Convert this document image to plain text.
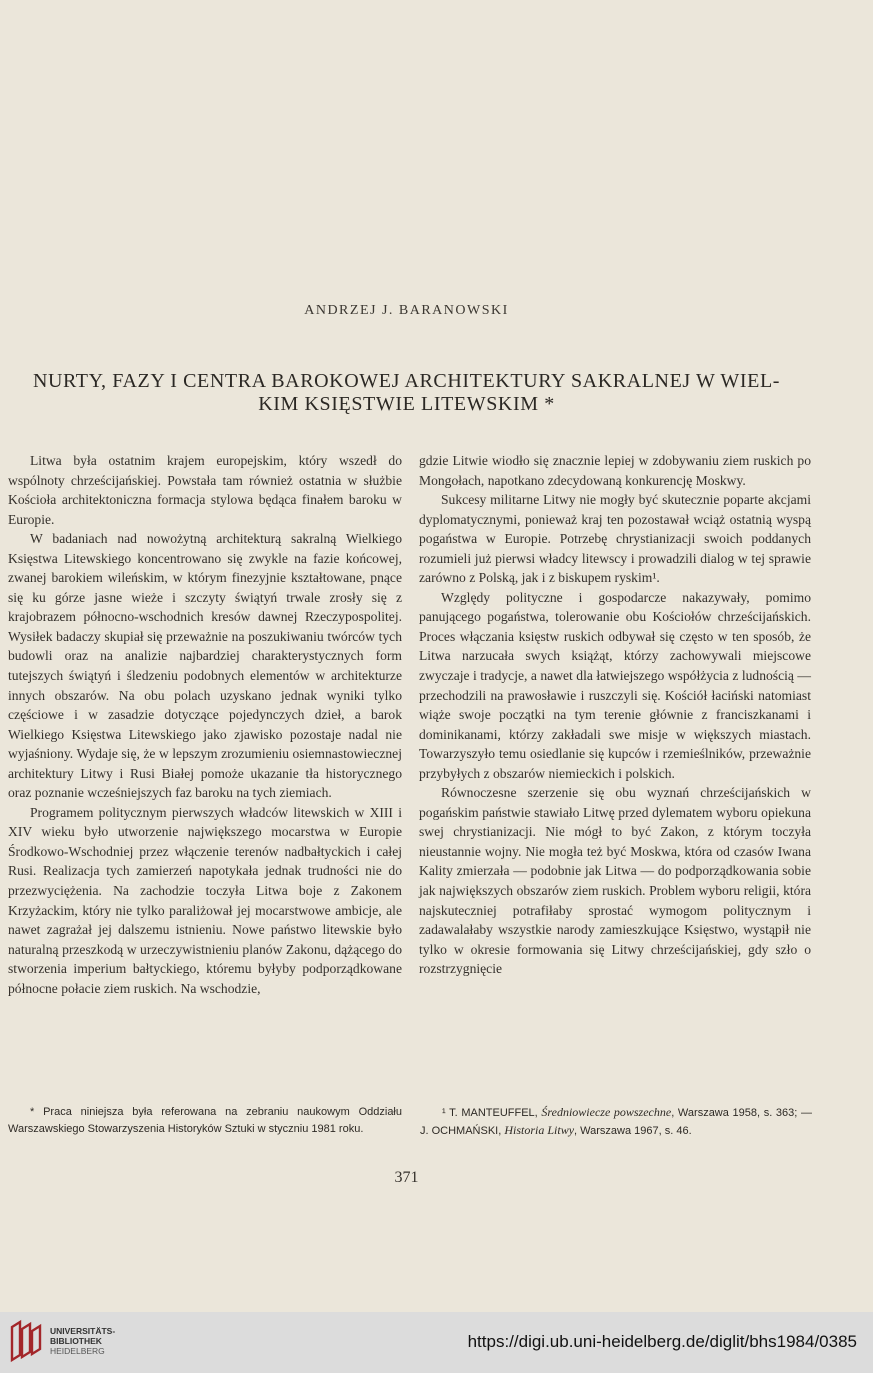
ANDRZEJ J. BARANOWSKI
NURTY, FAZY I CENTRA BAROKOWEJ ARCHITEKTURY SAKRALNEJ W WIEL-
KIM KSIĘSTWIE LITEWSKIM *

Litwa była ostatnim krajem europejskim, który wszedł do wspólnoty chrześcijańskiej. Powstała tam również ostatnia w służbie Kościoła architektoniczna formacja stylowa będąca finałem baroku w Europie.

W badaniach nad nowożytną architekturą sakralną Wielkiego Księstwa Litewskiego koncentrowano się zwykle na fazie końcowej, zwanej barokiem wileńskim, w którym finezyjnie kształtowane, pnące się ku górze jasne wieże i szczyty świątyń trwale zrosły się z krajobrazem północno-wschodnich kresów dawnej Rzeczypospolitej. Wysiłek badaczy skupiał się przeważnie na poszukiwaniu twórców tych budowli oraz na analizie najbardziej charakterystycznych form tutejszych świątyń i śledzeniu podobnych elementów w architekturze innych obszarów. Na obu polach uzyskano jednak wyniki tylko częściowe i w zasadzie dotyczące pojedynczych dzieł, a barok Wielkiego Księstwa Litewskiego jako zjawisko pozostaje nadal nie wyjaśniony. Wydaje się, że w lepszym zrozumieniu osiemnastowiecznej architektury Litwy i Rusi Białej pomoże ukazanie tła historycznego oraz poznanie wcześniejszych faz baroku na tych ziemiach.

Programem politycznym pierwszych władców litewskich w XIII i XIV wieku było utworzenie największego mocarstwa w Europie Środkowo-Wschodniej przez włączenie terenów nadbałtyckich i całej Rusi. Realizacja tych zamierzeń napotykała jednak trudności nie do przezwyciężenia. Na zachodzie toczyła Litwa boje z Zakonem Krzyżackim, który nie tylko paraliżował jej mocarstwowe ambicje, ale nawet zagrażał jej dalszemu istnieniu. Nowe państwo litewskie było naturalną przeszkodą w urzeczywistnieniu planów Zakonu, dążącego do stworzenia imperium bałtyckiego, któremu byłyby podporządkowane północne połacie ziem ruskich. Na wschodzie,

gdzie Litwie wiodło się znacznie lepiej w zdobywaniu ziem ruskich po Mongołach, napotkano zdecydowaną konkurencję Moskwy.

Sukcesy militarne Litwy nie mogły być skutecznie poparte akcjami dyplomatycznymi, ponieważ kraj ten pozostawał wciąż ostatnią wyspą pogaństwa w Europie. Potrzebę chrystianizacji swoich poddanych rozumieli już pierwsi władcy litewscy i prowadzili dialog w tej sprawie zarówno z Polską, jak i z biskupem ryskim¹.

Względy polityczne i gospodarcze nakazywały, pomimo panującego pogaństwa, tolerowanie obu Kościołów chrześcijańskich. Proces włączania księstw ruskich odbywał się często w ten sposób, że Litwa narzucała swych książąt, którzy zachowywali miejscowe zwyczaje i tradycje, a nawet dla łatwiejszego współżycia z ludnością — przechodzili na prawosławie i ruszczyli się. Kościół łaciński natomiast wiąże swoje początki na tym terenie głównie z franciszkanami i dominikanami, którzy zakładali swe misje w większych miastach. Towarzyszyło temu osiedlanie się kupców i rzemieślników, przeważnie przybyłych z obszarów niemieckich i polskich.

Równoczesne szerzenie się obu wyznań chrześcijańskich w pogańskim państwie stawiało Litwę przed dylematem wyboru opiekuna swej chrystianizacji. Nie mógł to być Zakon, z którym toczyła nieustannie wojny. Nie mogła też być Moskwa, która od czasów Iwana Kality zmierzała — podobnie jak Litwa — do podporządkowania sobie jak największych obszarów ziem ruskich. Problem wyboru religii, która najskuteczniej potrafiłaby sprostać wymogom politycznym i zadawalałaby wszystkie narody zamieszkujące Księstwo, wystąpił nie tylko w okresie formowania się Litwy chrześcijańskiej, gdy szło o rozstrzygnięcie

* Praca niniejsza była referowana na zebraniu naukowym Oddziału Warszawskiego Stowarzyszenia Historyków Sztuki w styczniu 1981 roku.

¹ T. MANTEUFFEL, Średniowiecze powszechne, Warszawa 1958, s. 363; — J. OCHMAŃSKI, Historia Litwy, Warszawa 1967, s. 46.

371
UNIVERSITÄTS-
BIBLIOTHEK
HEIDELBERG	https://digi.ub.uni-heidelberg.de/diglit/bhs1984/0385
